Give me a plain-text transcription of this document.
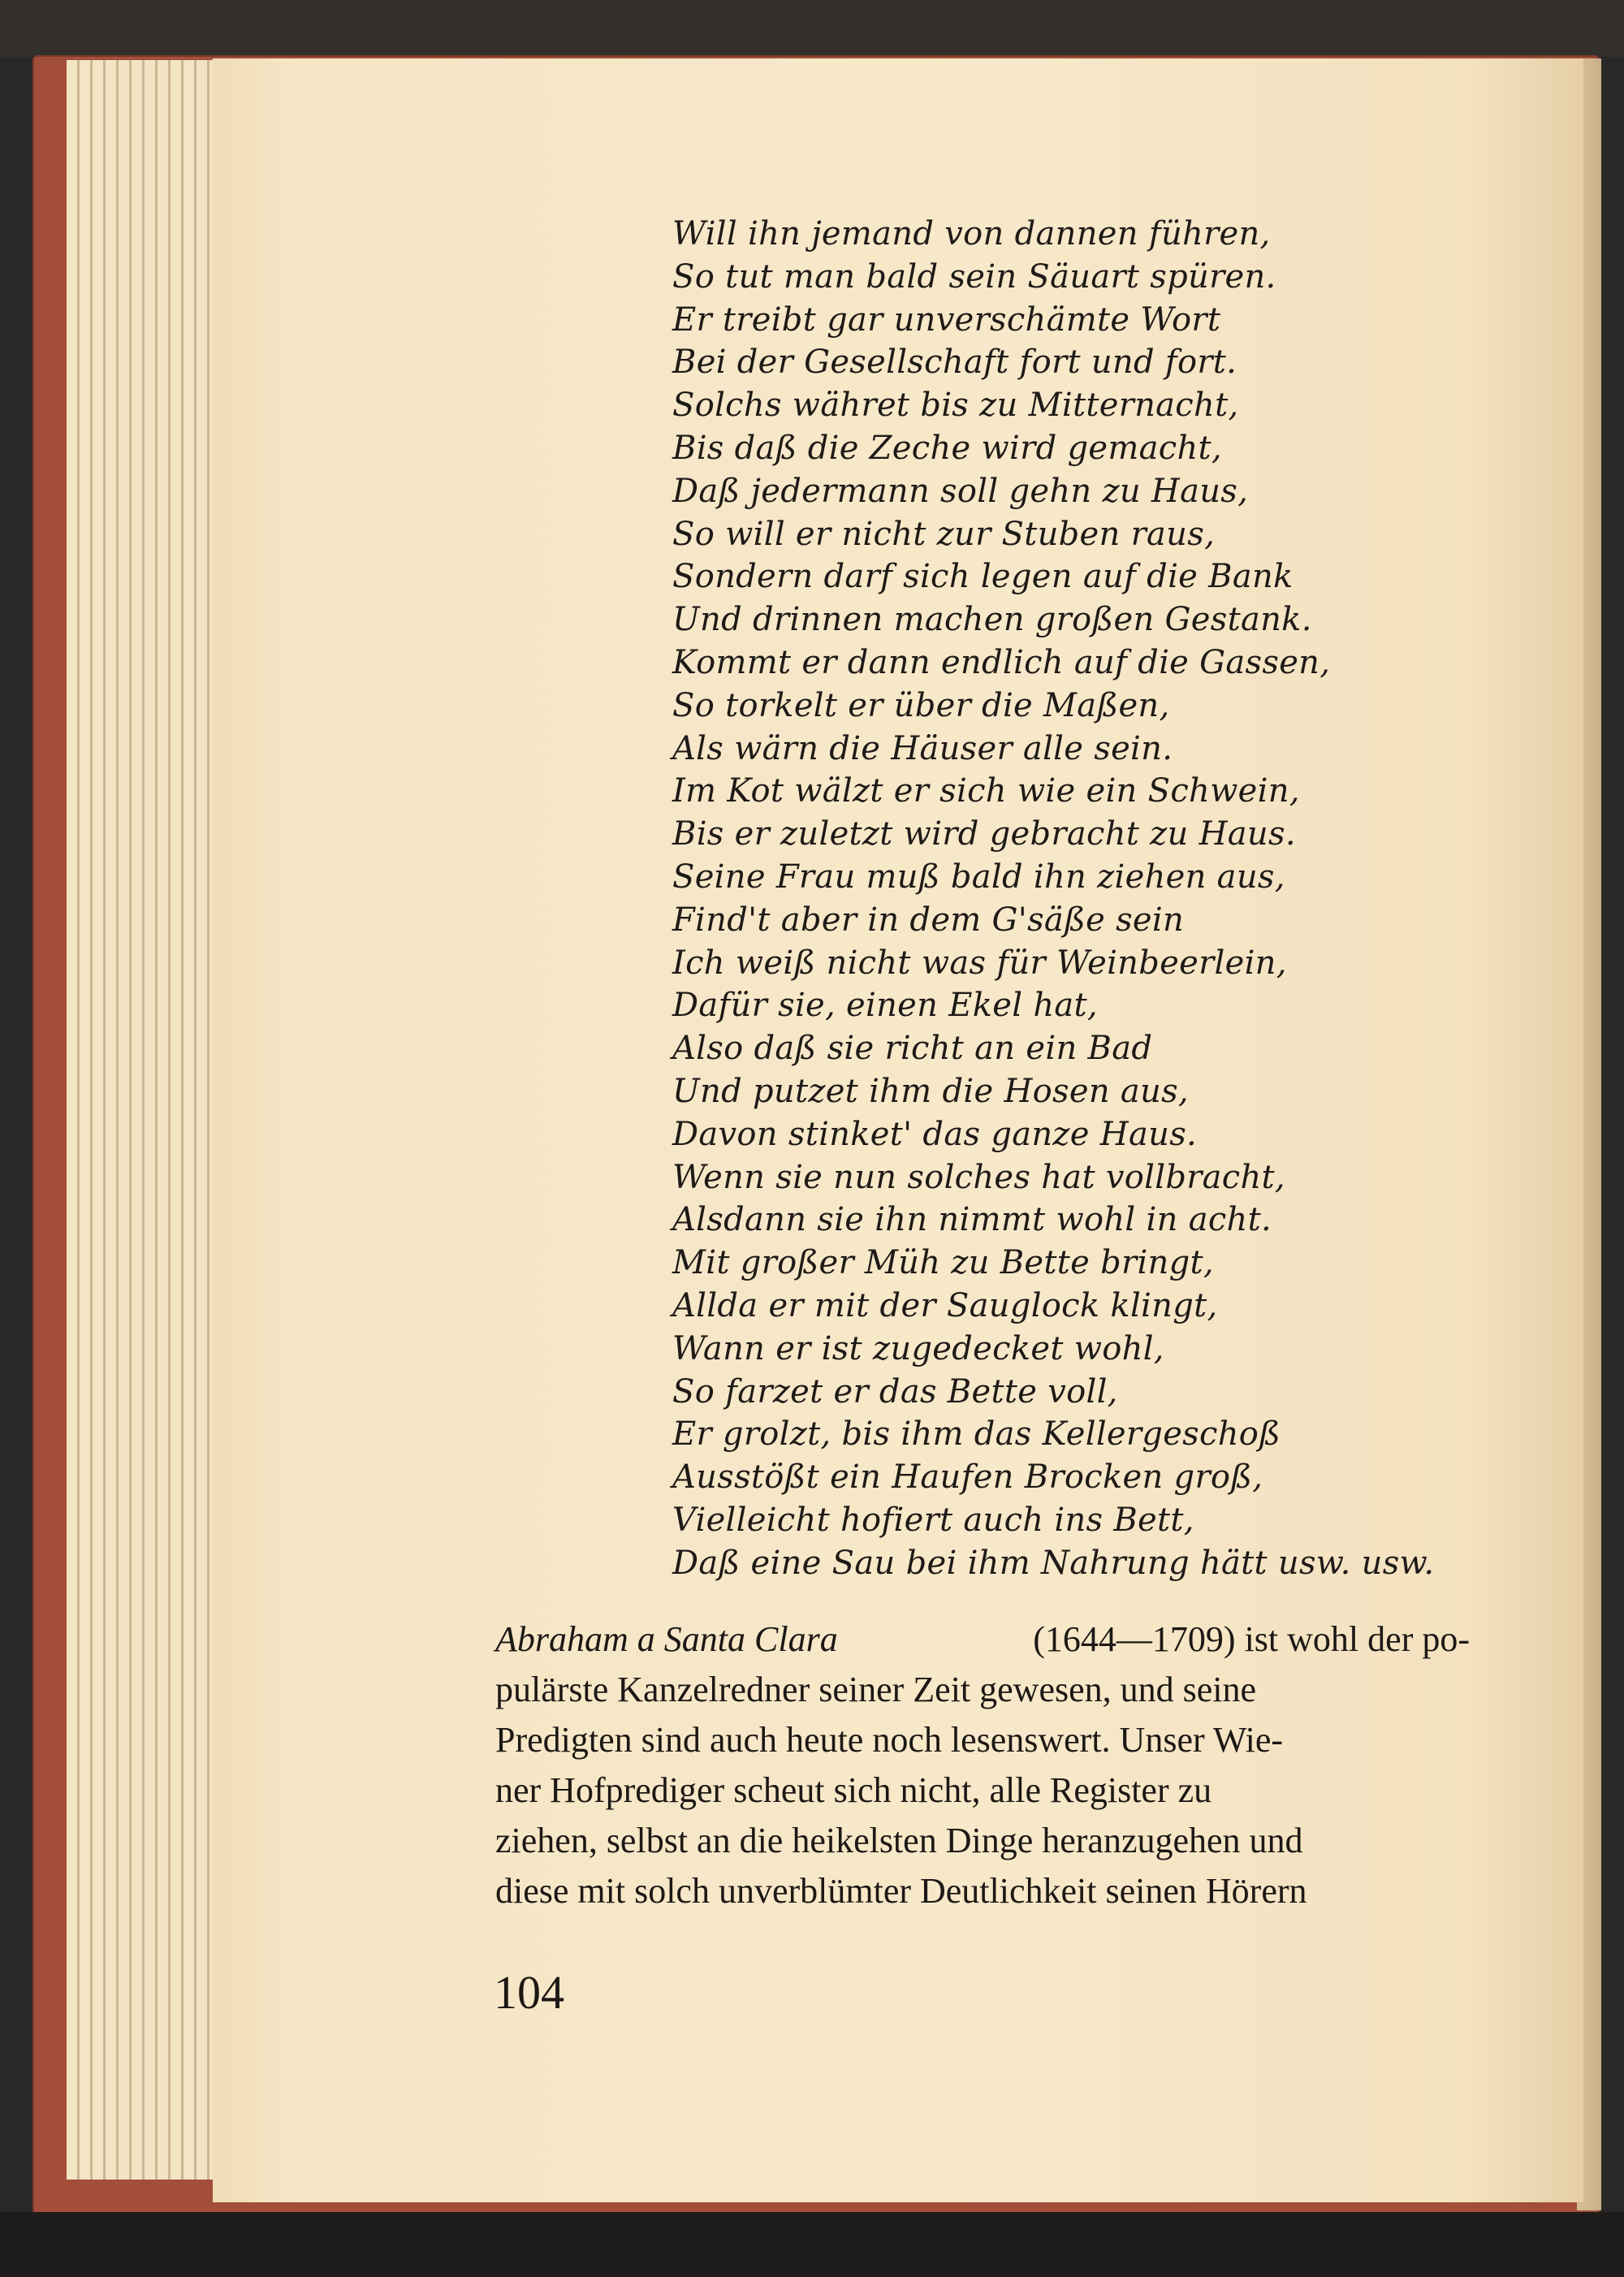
Will ihn jemand von dannen führen,
So tut man bald sein Säuart spüren.
Er treibt gar unverschämte Wort
Bei der Gesellschaft fort und fort.
Solchs währet bis zu Mitternacht,
Bis daß die Zeche wird gemacht,
Daß jedermann soll gehn zu Haus,
So will er nicht zur Stuben raus,
Sondern darf sich legen auf die Bank
Und drinnen machen großen Gestank.
Kommt er dann endlich auf die Gassen,
So torkelt er über die Maßen,
Als wärn die Häuser alle sein.
Im Kot wälzt er sich wie ein Schwein,
Bis er zuletzt wird gebracht zu Haus.
Seine Frau muß bald ihn ziehen aus,
Find't aber in dem G'säße sein
Ich weiß nicht was für Weinbeerlein,
Dafür sie, einen Ekel hat,
Also daß sie richt an ein Bad
Und putzet ihm die Hosen aus,
Davon stinket' das ganze Haus.
Wenn sie nun solches hat vollbracht,
Alsdann sie ihn nimmt wohl in acht.
Mit großer Müh zu Bette bringt,
Allda er mit der Sauglock klingt,
Wann er ist zugedecket wohl,
So farzet er das Bette voll,
Er grolzt, bis ihm das Kellergeschoß
Ausstößt ein Haufen Brocken groß,
Vielleicht hofiert auch ins Bett,
Daß eine Sau bei ihm Nahrung hätt usw. usw.
Abraham a Santa Clara	(1644—1709) ist wohl der po-
pulärste Kanzelredner seiner Zeit gewesen, und seine
Predigten sind auch heute noch lesenswert. Unser Wie-
ner Hofprediger scheut sich nicht, alle Register zu
ziehen, selbst an die heikelsten Dinge heranzugehen und
diese mit solch unverblümter Deutlichkeit seinen Hörern
104
